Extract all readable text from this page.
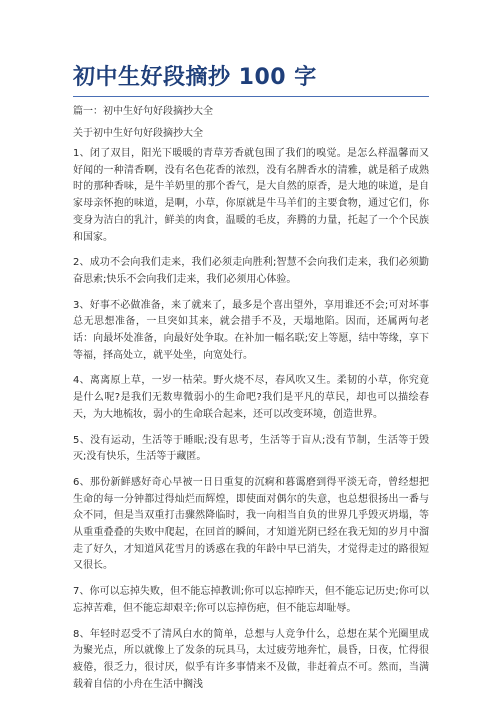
初中生好段摘抄 100 字

篇一：初中生好句好段摘抄大全

关于初中生好句好段摘抄大全

1、闭了双目，阳光下暖暖的青草芳香就包围了我们的嗅觉。是怎么样温馨而又好闻的一种清香啊，没有名色花香的浓烈，没有名牌香水的清雅，就是稻子成熟时的那种香味，是牛羊奶里的那个香气，是大自然的原香，是大地的味道，是自家母亲怀抱的味道，是啊，小草，你原就是牛马羊们的主要食物，通过它们，你变身为洁白的乳汁，鲜美的肉食，温暖的毛皮，奔腾的力量，托起了一个个民族和国家。

2、成功不会向我们走来，我们必须走向胜利;智慧不会向我们走来，我们必须勤奋思索;快乐不会向我们走来，我们必须用心体验。

3、好事不必做准备，来了就来了，最多是个喜出望外，享用谁还不会;可对坏事总无思想准备，一旦突如其来，就会措手不及，天塌地陷。因而，还属两句老话：向最坏处准备，向最好处争取。在补加一幅名联;安上等愿，结中等缘，享下等福，择高处立，就平处坐，向宽处行。

4、离离原上草，一岁一枯荣。野火烧不尽，春风吹又生。柔韧的小草，你究竟是什么呢?是我们无数卑微弱小的生命吧?我们是平凡的草民，却也可以描绘春天，为大地梳妆，弱小的生命联合起来，还可以改变环境，创造世界。

5、没有运动，生活等于睡眠;没有思考，生活等于盲从;没有节制，生活等于毁灭;没有快乐，生活等于藏匿。

6、那份新鲜感好奇心早被一日日重复的沉痾和暮霭磨到得平淡无奇，曾经想把生命的每一分钟都过得灿烂而辉煌，即使面对偶尔的失意，也总想很扬出一番与众不同，但是当双重打击骤然降临时，我一向相当自负的世界几乎毁灭坍塌，等从重重叠叠的失败中爬起，在回首的瞬间，才知道光阴已经在我无知的岁月中溜走了好久，才知道风花雪月的诱惑在我的年龄中早已消失，才觉得走过的路很短又很长。

7、你可以忘掉失败，但不能忘掉教训;你可以忘掉昨天，但不能忘记历史;你可以忘掉苦难，但不能忘却艰辛;你可以忘掉伤疤，但不能忘却耻辱。

8、年轻时忍受不了清风白水的简单，总想与人竞争什么，总想在某个光圈里成为聚光点，所以就像上了发条的玩具马，太过疲劳地奔忙，晨昏，日夜，忙得很疲倦，很乏力，很讨厌，似乎有许多事情来不及做，非赶着点不可。然而，当满载着自信的小舟在生活中搁浅
